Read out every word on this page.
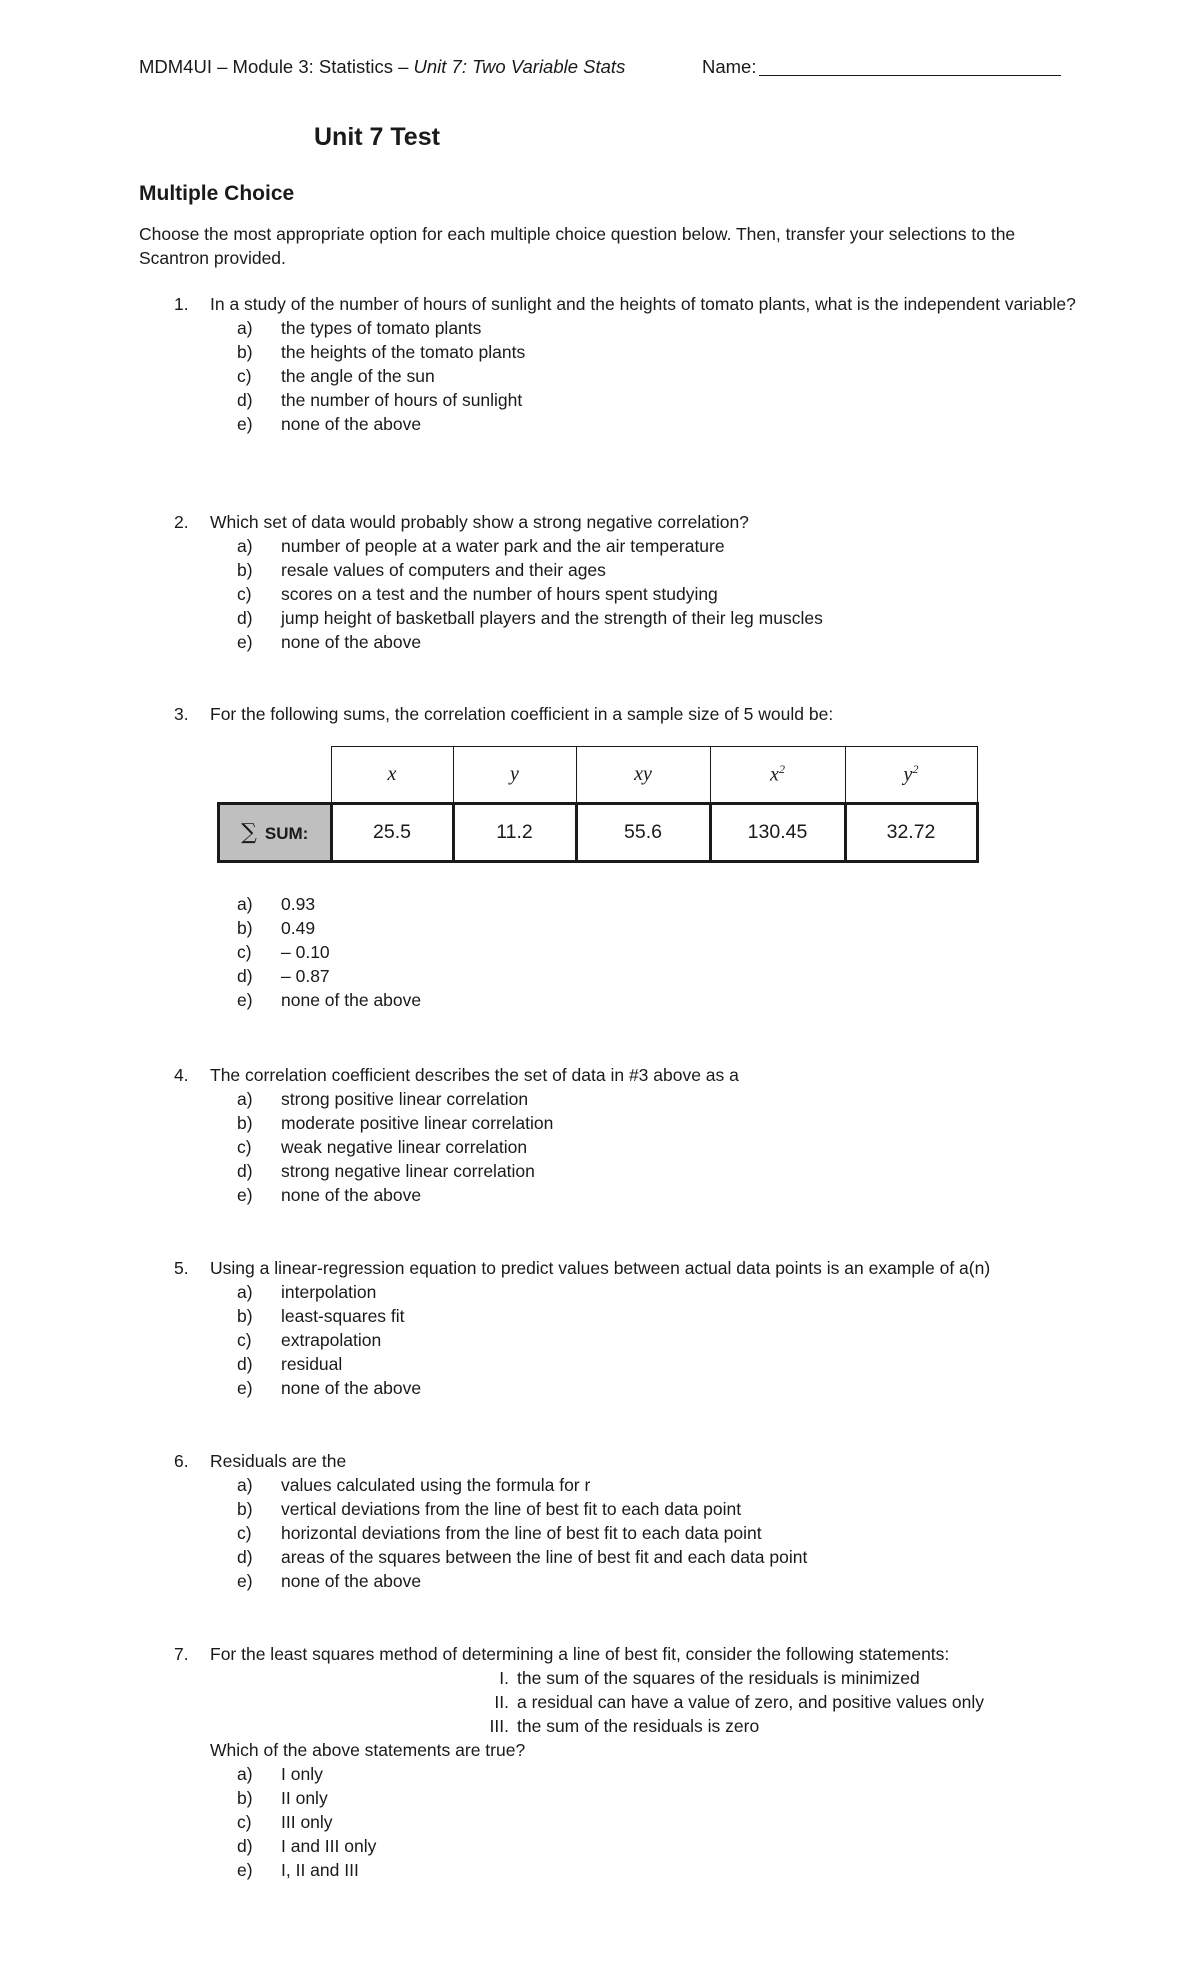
MDM4UI – Module 3: Statistics – Unit 7: Two Variable Stats	Name:
Unit 7 Test
Multiple Choice
Choose the most appropriate option for each multiple choice question below. Then, transfer your selections to the Scantron provided.
1. In a study of the number of hours of sunlight and the heights of tomato plants, what is the independent variable?
a) the types of tomato plants
b) the heights of the tomato plants
c) the angle of the sun
d) the number of hours of sunlight
e) none of the above
2. Which set of data would probably show a strong negative correlation?
a) number of people at a water park and the air temperature
b) resale values of computers and their ages
c) scores on a test and the number of hours spent studying
d) jump height of basketball players and the strength of their leg muscles
e) none of the above
3. For the following sums, the correlation coefficient in a sample size of 5 would be:
	x	y	xy	$x^2$	$y^2$
∑ SUM:	25.5	11.2	55.6	130.45	32.72
a) 0.93
b) 0.49
c) – 0.10
d) – 0.87
e) none of the above
4. The correlation coefficient describes the set of data in #3 above as a
a) strong positive linear correlation
b) moderate positive linear correlation
c) weak negative linear correlation
d) strong negative linear correlation
e) none of the above
5. Using a linear-regression equation to predict values between actual data points is an example of a(n)
a) interpolation
b) least-squares fit
c) extrapolation
d) residual
e) none of the above
6. Residuals are the
a) values calculated using the formula for r
b) vertical deviations from the line of best fit to each data point
c) horizontal deviations from the line of best fit to each data point
d) areas of the squares between the line of best fit and each data point
e) none of the above
7. For the least squares method of determining a line of best fit, consider the following statements:
I. the sum of the squares of the residuals is minimized
II. a residual can have a value of zero, and positive values only
III. the sum of the residuals is zero
Which of the above statements are true?
a) I only
b) II only
c) III only
d) I and III only
e) I, II and III
